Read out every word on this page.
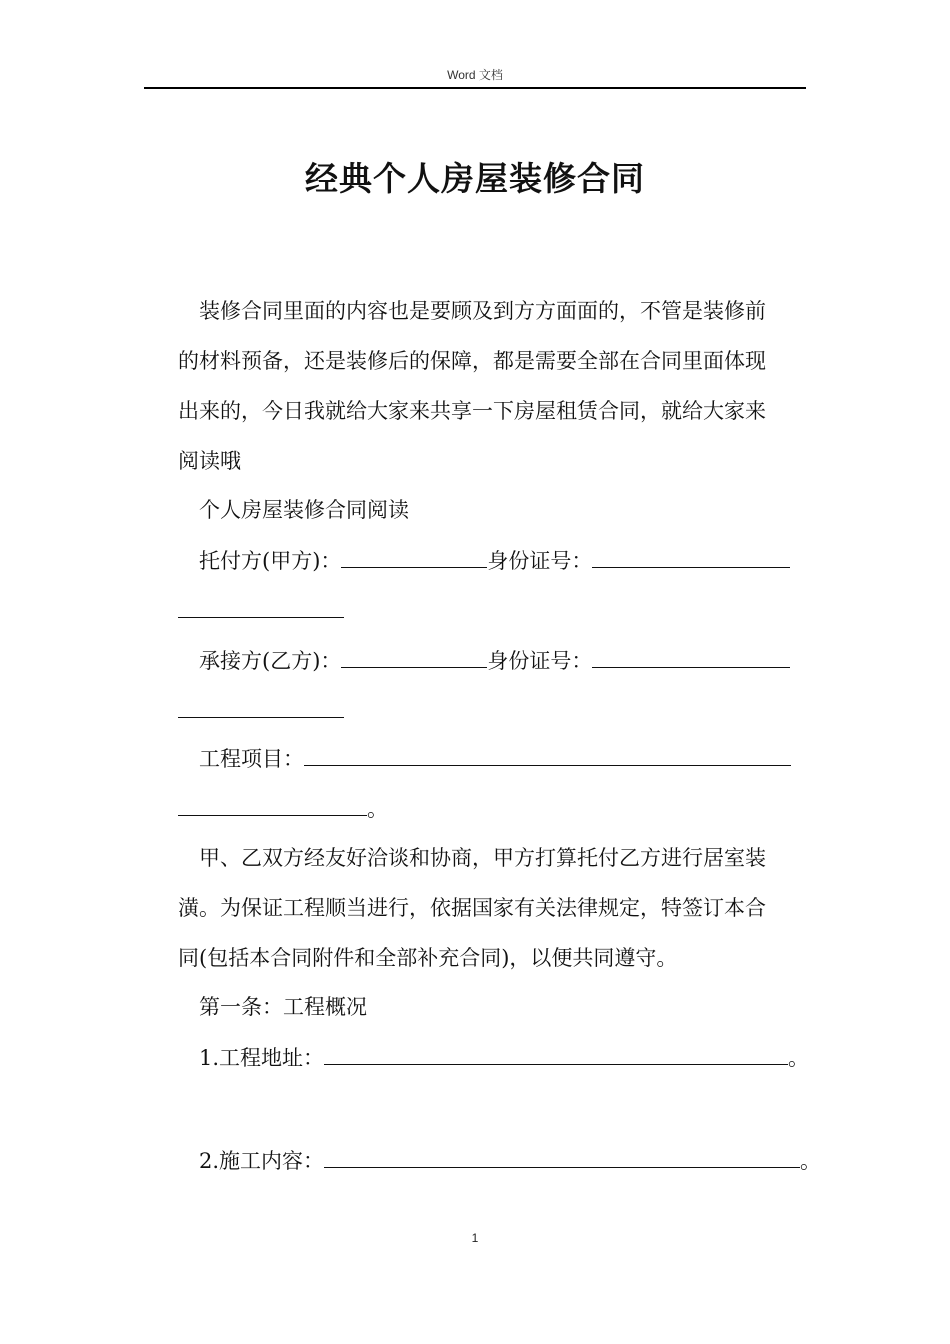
Word 文档
经典个人房屋装修合同
装修合同里面的内容也是要顾及到方方面面的，不管是装修前
的材料预备，还是装修后的保障，都是需要全部在合同里面体现
出来的，今日我就给大家来共享一下房屋租赁合同，就给大家来
阅读哦
个人房屋装修合同阅读
托付方(甲方)：	身份证号：
承接方(乙方)：	身份证号：
工程项目：
。
甲、乙双方经友好洽谈和协商，甲方打算托付乙方进行居室装
潢。为保证工程顺当进行，依据国家有关法律规定，特签订本合
同(包括本合同附件和全部补充合同)，以便共同遵守。
第一条：工程概况
1.工程地址：	。
2.施工内容：	。
1
